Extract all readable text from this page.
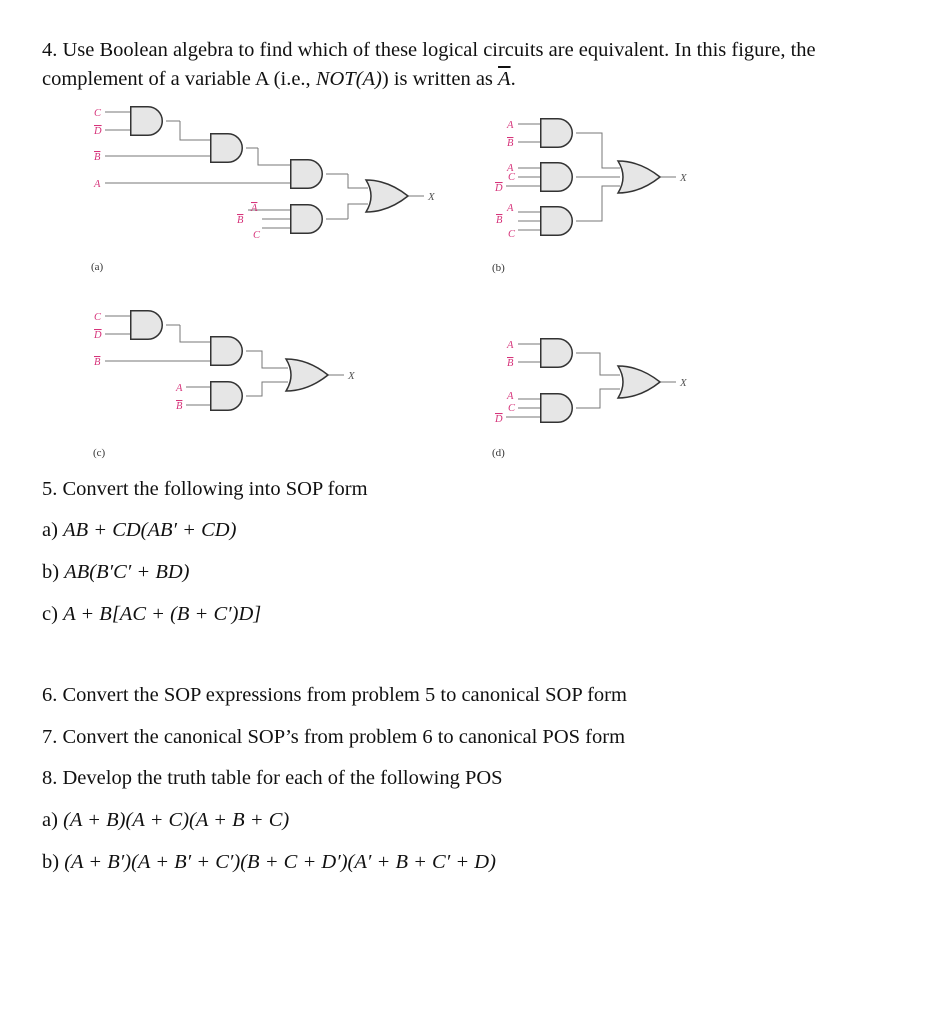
4. Use Boolean algebra to find which of these logical circuits are equivalent. In this figure, the complement of a variable A (i.e., NOT(A)) is written as $\overline{A}$.
C
D
B
A
B
A
C
X
A
B
A
C
D
A
B
C
X
C
D
B
A
B
X
A
B
A
C
D
X
(a)	(b)
(c)	(d)
5. Convert the following into SOP form
a) AB + CD(AB′ + CD)
b) AB(B′C′ + BD)
c) A + B[AC + (B + C′)D]
6. Convert the SOP expressions from problem 5 to canonical SOP form
7. Convert the canonical SOP’s from problem 6 to canonical POS form
8. Develop the truth table for each of the following POS
a) (A + B)(A + C)(A + B + C)
b) (A + B′)(A + B′ + C′)(B + C + D′)(A′ + B + C′ + D)
